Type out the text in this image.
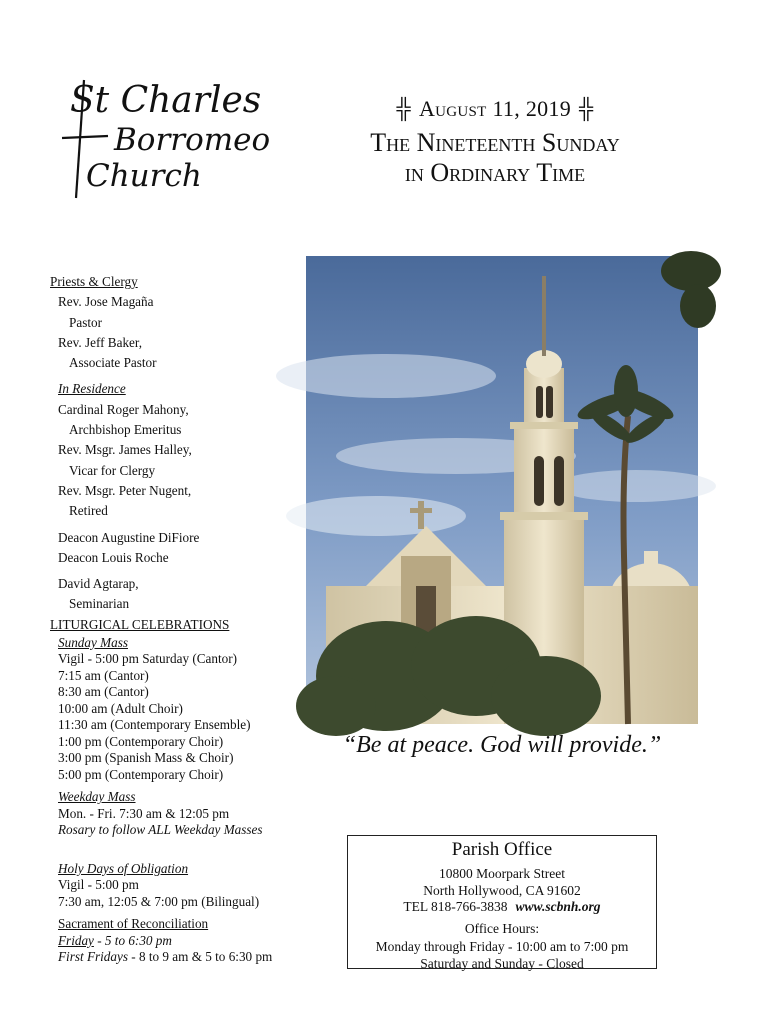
St Charles
Borromeo
Church
╬ August 11, 2019 ╬
The Nineteenth Sunday
in Ordinary Time
Priests & Clergy
Rev. Jose Magaña
Pastor
Rev. Jeff Baker,
Associate Pastor
In Residence
Cardinal Roger Mahony,
Archbishop Emeritus
Rev. Msgr. James Halley,
Vicar for Clergy
Rev. Msgr. Peter Nugent,
Retired
Deacon Augustine DiFiore
Deacon Louis Roche
David Agtarap,
Seminarian
LITURGICAL CELEBRATIONS
Sunday Mass
Vigil - 5:00 pm Saturday (Cantor)
7:15 am (Cantor)
8:30 am (Cantor)
10:00 am (Adult Choir)
11:30 am (Contemporary Ensemble)
1:00 pm (Contemporary Choir)
3:00 pm (Spanish Mass & Choir)
5:00 pm (Contemporary Choir)
Weekday Mass
Mon. - Fri. 7:30 am & 12:05 pm
Rosary to follow ALL Weekday Masses
Holy Days of Obligation
Vigil - 5:00 pm
7:30 am, 12:05 & 7:00 pm (Bilingual)
Sacrament of Reconciliation
Friday - 5 to 6:30 pm
First Fridays - 8 to 9 am & 5 to 6:30 pm
“Be at peace. God will provide.”
Parish Office
10800 Moorpark Street
North Hollywood, CA 91602
TEL 818-766-3838 www.scbnh.org
Office Hours:
Monday through Friday - 10:00 am to 7:00 pm
Saturday and Sunday - Closed
